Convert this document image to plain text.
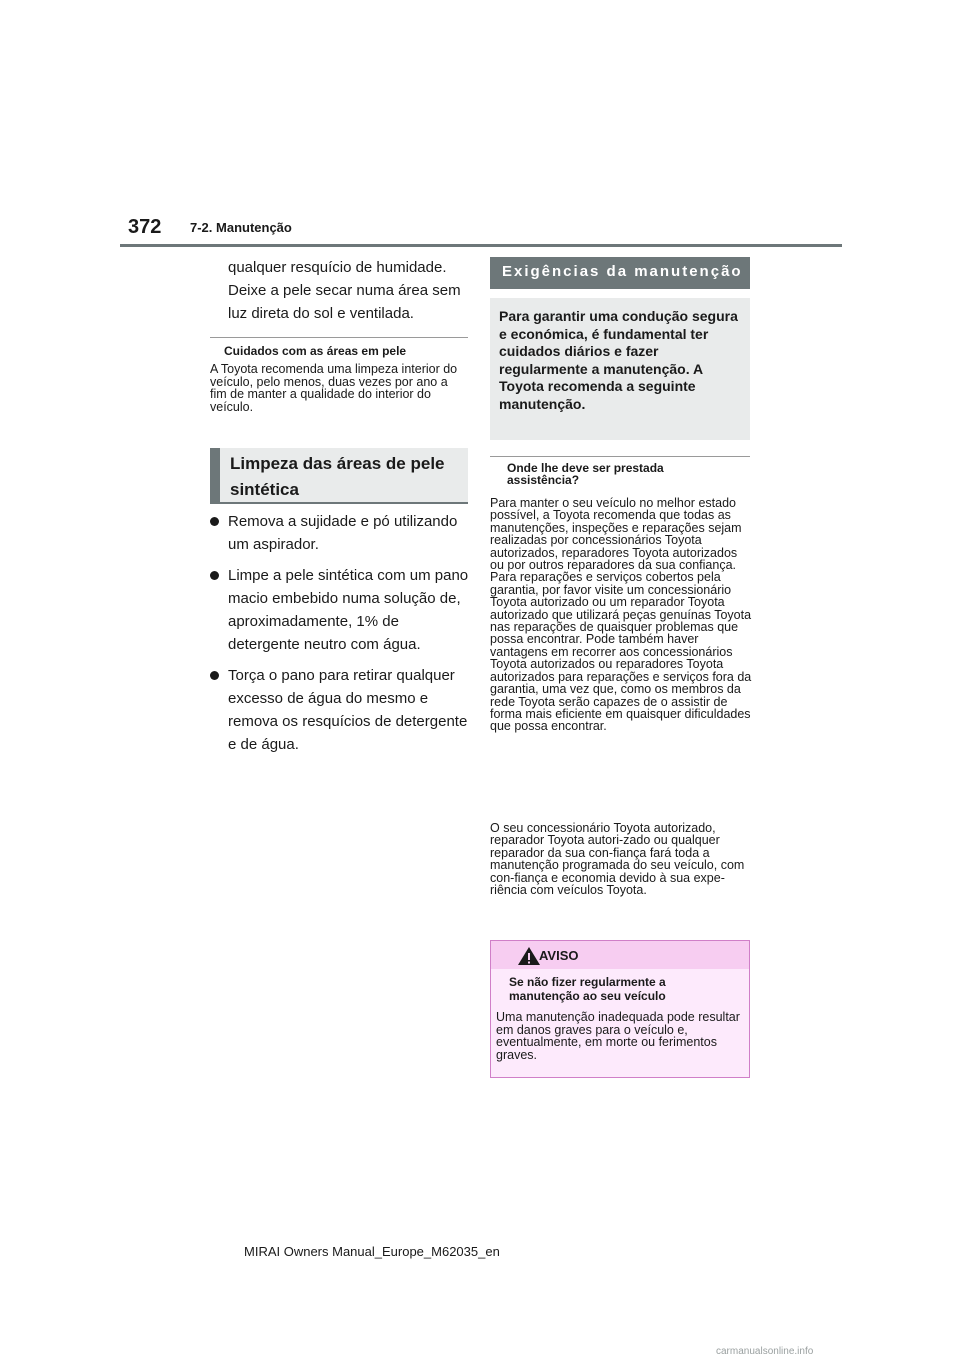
372 7-2. Manutenção
qualquer resquício de humidade. Deixe a pele secar numa área sem luz direta do sol e ventilada.
Cuidados com as áreas em pele
A Toyota recomenda uma limpeza interior do veículo, pelo menos, duas vezes por ano a fim de manter a qualidade do interior do veículo.
Limpeza das áreas de pele sintética
Remova a sujidade e pó utilizando um aspirador.
Limpe a pele sintética com um pano macio embebido numa solução de, aproximadamente, 1% de detergente neutro com água.
Torça o pano para retirar qualquer excesso de água do mesmo e remova os resquícios de detergente e de água.
Exigências da manutenção
Para garantir uma condução segura e económica, é fundamental ter cuidados diários e fazer regularmente a manutenção. A Toyota recomenda a seguinte manutenção.
Onde lhe deve ser prestada assistência?
Para manter o seu veículo no melhor estado possível, a Toyota recomenda que todas as manutenções, inspeções e reparações sejam realizadas por concessionários Toyota autorizados, reparadores Toyota autorizados ou por outros reparadores da sua confiança. Para reparações e serviços cobertos pela garantia, por favor visite um concessionário Toyota autorizado ou um reparador Toyota autorizado que utilizará peças genuínas Toyota nas reparações de quaisquer problemas que possa encontrar. Pode também haver vantagens em recorrer aos concessionários Toyota autorizados ou reparadores Toyota autorizados para reparações e serviços fora da garantia, uma vez que, como os membros da rede Toyota serão capazes de o assistir de forma mais eficiente em quaisquer dificuldades que possa encontrar.
O seu concessionário Toyota autorizado, reparador Toyota autori-zado ou qualquer reparador da sua con-fiança fará toda a manutenção programada do seu veículo, com con-fiança e economia devido à sua expe-riência com veículos Toyota.
AVISO
Se não fizer regularmente a manutenção ao seu veículo
Uma manutenção inadequada pode resultar em danos graves para o veículo e, eventualmente, em morte ou ferimentos graves.
MIRAI Owners Manual_Europe_M62035_en
carmanualsonline.info
